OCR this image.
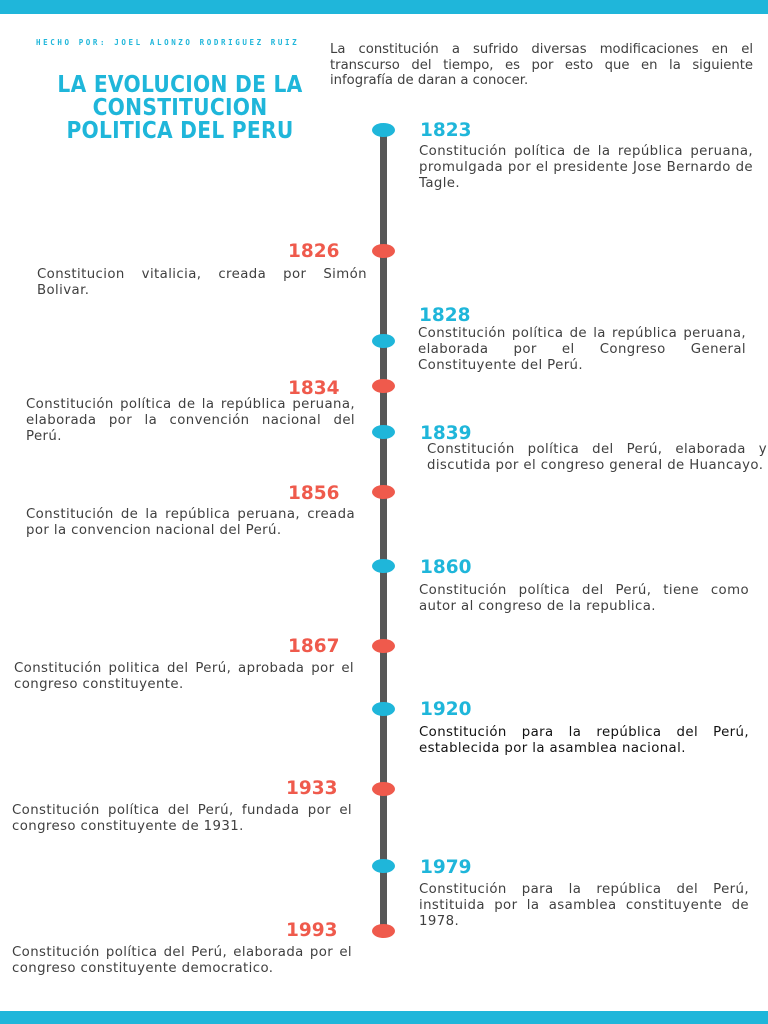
HECHO POR: JOEL ALONZO RODRIGUEZ RUIZ
LA EVOLUCION DE LA
CONSTITUCION
POLITICA DEL PERU
La constitución a sufrido diversas modificaciones en el transcurso del tiempo, es por esto que en la siguiente infografía de daran a conocer.
1823
Constitución política de la república peruana, promulgada por el presidente Jose Bernardo de Tagle.
1826
Constitucion vitalicia, creada por Simón Bolivar.
1828
Constitución política de la república peruana, elaborada por el Congreso General Constituyente del Perú.
1834
Constitución política de la república peruana, elaborada por la convención nacional del Perú.	1839
Constitución política del Perú, elaborada y discutida por el congreso general de Huancayo.
1856
Constitución de la república peruana, creada por la convencion nacional del Perú.
1860
Constitución política del Perú, tiene como autor al congreso de la republica.
1867
Constitución politica del Perú, aprobada por el congreso constituyente.
1920
Constitución para la república del Perú, establecida por la asamblea nacional.
1933
Constitución política del Perú, fundada por el congreso constituyente de 1931.
1979
Constitución para la república del Perú, instituida por la asamblea constituyente de 1978.
1993
Constitución política del Perú, elaborada por el congreso constituyente democratico.
